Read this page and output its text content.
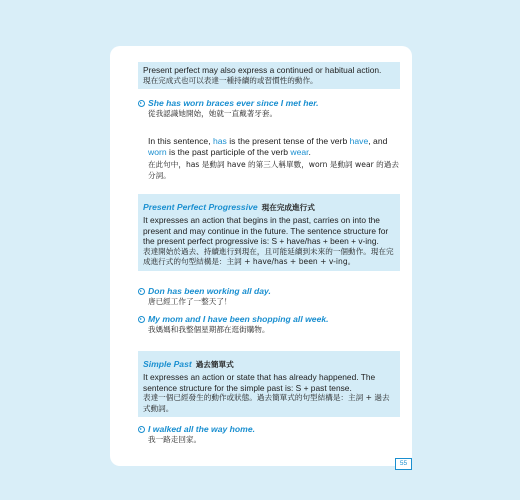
Present perfect may also express a continued or habitual action.

現在完成式也可以表達一種持續的或習慣性的動作。

She has worn braces ever since I met her.

從我認識她開始，她就一直戴著牙套。

In this sentence, has is the present tense of the verb have, and worn is the past participle of the verb wear.

在此句中，has 是動詞 have 的第三人稱單數，worn 是動詞 wear 的過去分詞。

Present Perfect Progressive 現在完成進行式

It expresses an action that begins in the past, carries on into the present and may continue in the future. The sentence structure for the present perfect progressive is: S + have/has + been + v-ing.

表達開始於過去、持續進行到現在，且可能延續到未來的一個動作。現在完成進行式的句型結構是：主詞 + have/has + been + v-ing。

Don has been working all day.

唐已經工作了一整天了！

My mom and I have been shopping all week.

我媽媽和我整個星期都在逛街購物。

Simple Past 過去簡單式

It expresses an action or state that has already happened. The sentence structure for the simple past is: S + past tense.

表達一個已經發生的動作或狀態。過去簡單式的句型結構是：主詞 + 過去式動詞。

I walked all the way home.

我一路走回家。

55
